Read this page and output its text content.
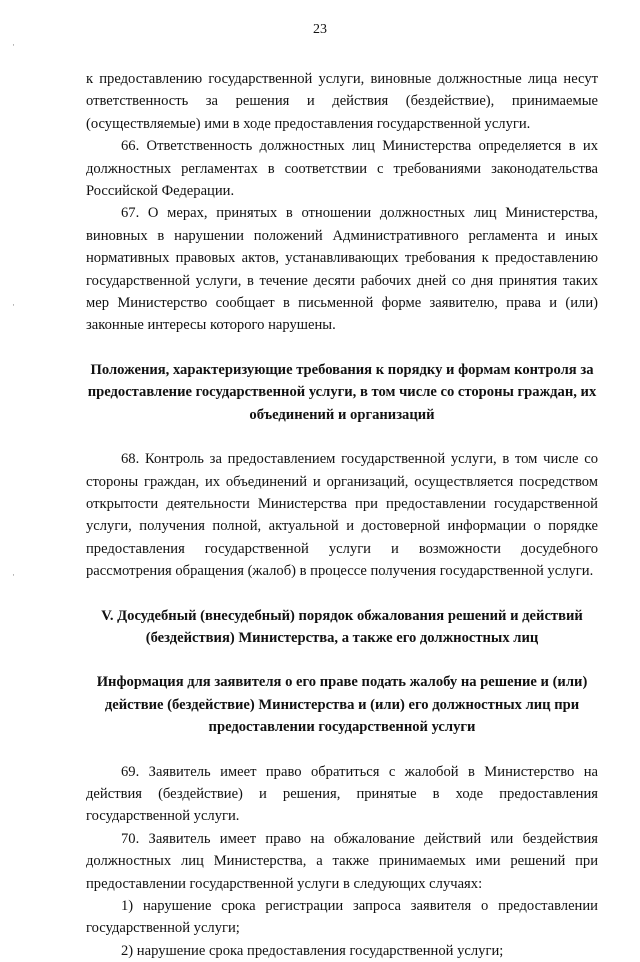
23
·
·
·

к предоставлению государственной услуги, виновные должностные лица несут ответственность за решения и действия (бездействие), принимаемые (осуществляемые) ими в ходе предоставления государственной услуги.

66. Ответственность должностных лиц Министерства определяется в их должностных регламентах в соответствии с требованиями законодательства Российской Федерации.

67. О мерах, принятых в отношении должностных лиц Министерства, виновных в нарушении положений Административного регламента и иных нормативных правовых актов, устанавливающих требования к предоставлению государственной услуги, в течение десяти рабочих дней со дня принятия таких мер Министерство сообщает в письменной форме заявителю, права и (или) законные интересы которого нарушены.

Положения, характеризующие требования к порядку и формам контроля за предоставление государственной услуги, в том числе со стороны граждан, их объединений и организаций

68. Контроль за предоставлением государственной услуги, в том числе со стороны граждан, их объединений и организаций, осуществляется посредством открытости деятельности Министерства при предоставлении государственной услуги, получения полной, актуальной и достоверной информации о порядке предоставления государственной услуги и возможности досудебного рассмотрения обращения (жалоб) в процессе получения государственной услуги.

V. Досудебный (внесудебный) порядок обжалования решений и действий (бездействия) Министерства, а также его должностных лиц

Информация для заявителя о его праве подать жалобу на решение и (или) действие (бездействие) Министерства и (или) его должностных лиц при предоставлении государственной услуги

69. Заявитель имеет право обратиться с жалобой в Министерство на действия (бездействие) и решения, принятые в ходе предоставления государственной услуги.

70. Заявитель имеет право на обжалование действий или бездействия должностных лиц Министерства, а также принимаемых ими решений при предоставлении государственной услуги в следующих случаях:

1) нарушение срока регистрации запроса заявителя о предоставлении государственной услуги;

2) нарушение срока предоставления государственной услуги;
